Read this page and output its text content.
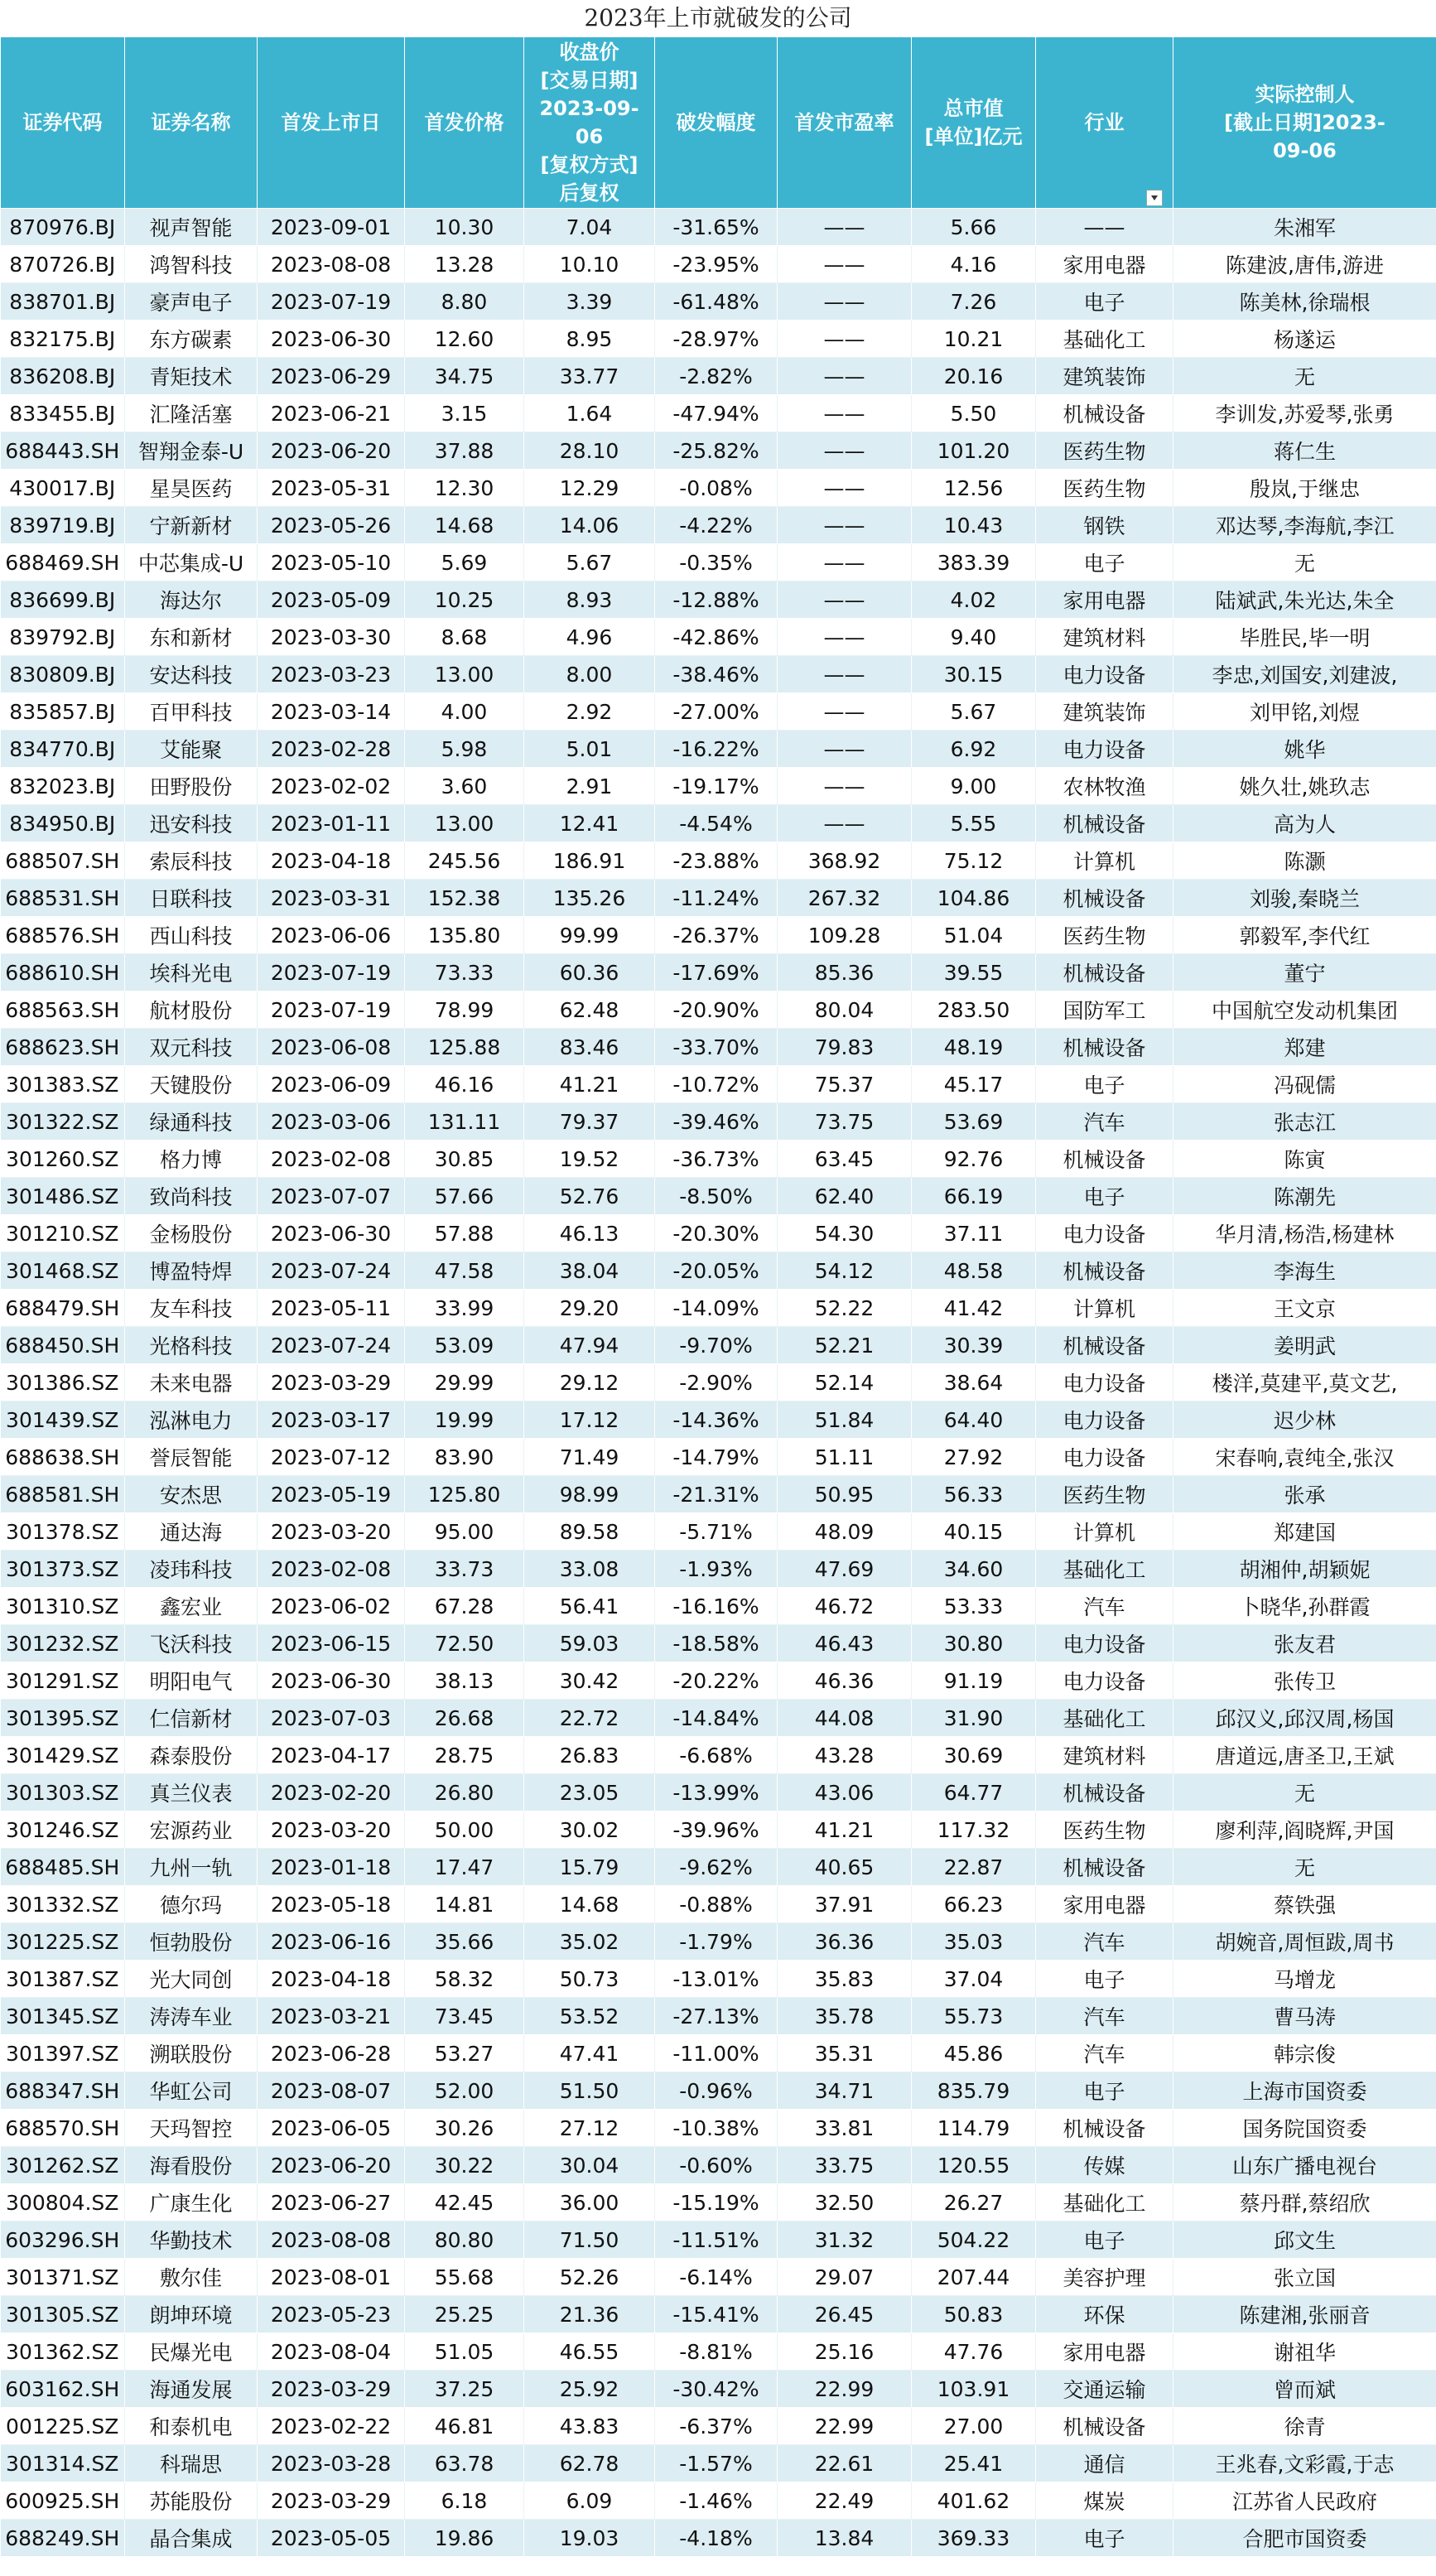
2023年上市就破发的公司
证券代码	证券名称	首发上市日	首发价格	收盘价
[交易日期]
2023-09-06
[复权方式]
后复权	破发幅度	首发市盈率	总市值
[单位]亿元	行业	实际控制人
[截止日期]2023-
09-06
870976.BJ	视声智能	2023-09-01	10.30	7.04	-31.65%	——	5.66	——	朱湘军
870726.BJ	鸿智科技	2023-08-08	13.28	10.10	-23.95%	——	4.16	家用电器	陈建波,唐伟,游进
838701.BJ	豪声电子	2023-07-19	8.80	3.39	-61.48%	——	7.26	电子	陈美林,徐瑞根
832175.BJ	东方碳素	2023-06-30	12.60	8.95	-28.97%	——	10.21	基础化工	杨遂运
836208.BJ	青矩技术	2023-06-29	34.75	33.77	-2.82%	——	20.16	建筑装饰	无
833455.BJ	汇隆活塞	2023-06-21	3.15	1.64	-47.94%	——	5.50	机械设备	李训发,苏爱琴,张勇
688443.SH	智翔金泰-U	2023-06-20	37.88	28.10	-25.82%	——	101.20	医药生物	蒋仁生
430017.BJ	星昊医药	2023-05-31	12.30	12.29	-0.08%	——	12.56	医药生物	殷岚,于继忠
839719.BJ	宁新新材	2023-05-26	14.68	14.06	-4.22%	——	10.43	钢铁	邓达琴,李海航,李江
688469.SH	中芯集成-U	2023-05-10	5.69	5.67	-0.35%	——	383.39	电子	无
836699.BJ	海达尔	2023-05-09	10.25	8.93	-12.88%	——	4.02	家用电器	陆斌武,朱光达,朱全
839792.BJ	东和新材	2023-03-30	8.68	4.96	-42.86%	——	9.40	建筑材料	毕胜民,毕一明
830809.BJ	安达科技	2023-03-23	13.00	8.00	-38.46%	——	30.15	电力设备	李忠,刘国安,刘建波,
835857.BJ	百甲科技	2023-03-14	4.00	2.92	-27.00%	——	5.67	建筑装饰	刘甲铭,刘煜
834770.BJ	艾能聚	2023-02-28	5.98	5.01	-16.22%	——	6.92	电力设备	姚华
832023.BJ	田野股份	2023-02-02	3.60	2.91	-19.17%	——	9.00	农林牧渔	姚久壮,姚玖志
834950.BJ	迅安科技	2023-01-11	13.00	12.41	-4.54%	——	5.55	机械设备	高为人
688507.SH	索辰科技	2023-04-18	245.56	186.91	-23.88%	368.92	75.12	计算机	陈灏
688531.SH	日联科技	2023-03-31	152.38	135.26	-11.24%	267.32	104.86	机械设备	刘骏,秦晓兰
688576.SH	西山科技	2023-06-06	135.80	99.99	-26.37%	109.28	51.04	医药生物	郭毅军,李代红
688610.SH	埃科光电	2023-07-19	73.33	60.36	-17.69%	85.36	39.55	机械设备	董宁
688563.SH	航材股份	2023-07-19	78.99	62.48	-20.90%	80.04	283.50	国防军工	中国航空发动机集团
688623.SH	双元科技	2023-06-08	125.88	83.46	-33.70%	79.83	48.19	机械设备	郑建
301383.SZ	天键股份	2023-06-09	46.16	41.21	-10.72%	75.37	45.17	电子	冯砚儒
301322.SZ	绿通科技	2023-03-06	131.11	79.37	-39.46%	73.75	53.69	汽车	张志江
301260.SZ	格力博	2023-02-08	30.85	19.52	-36.73%	63.45	92.76	机械设备	陈寅
301486.SZ	致尚科技	2023-07-07	57.66	52.76	-8.50%	62.40	66.19	电子	陈潮先
301210.SZ	金杨股份	2023-06-30	57.88	46.13	-20.30%	54.30	37.11	电力设备	华月清,杨浩,杨建林
301468.SZ	博盈特焊	2023-07-24	47.58	38.04	-20.05%	54.12	48.58	机械设备	李海生
688479.SH	友车科技	2023-05-11	33.99	29.20	-14.09%	52.22	41.42	计算机	王文京
688450.SH	光格科技	2023-07-24	53.09	47.94	-9.70%	52.21	30.39	机械设备	姜明武
301386.SZ	未来电器	2023-03-29	29.99	29.12	-2.90%	52.14	38.64	电力设备	楼洋,莫建平,莫文艺,
301439.SZ	泓淋电力	2023-03-17	19.99	17.12	-14.36%	51.84	64.40	电力设备	迟少林
688638.SH	誉辰智能	2023-07-12	83.90	71.49	-14.79%	51.11	27.92	电力设备	宋春响,袁纯全,张汉
688581.SH	安杰思	2023-05-19	125.80	98.99	-21.31%	50.95	56.33	医药生物	张承
301378.SZ	通达海	2023-03-20	95.00	89.58	-5.71%	48.09	40.15	计算机	郑建国
301373.SZ	凌玮科技	2023-02-08	33.73	33.08	-1.93%	47.69	34.60	基础化工	胡湘仲,胡颖妮
301310.SZ	鑫宏业	2023-06-02	67.28	56.41	-16.16%	46.72	53.33	汽车	卜晓华,孙群霞
301232.SZ	飞沃科技	2023-06-15	72.50	59.03	-18.58%	46.43	30.80	电力设备	张友君
301291.SZ	明阳电气	2023-06-30	38.13	30.42	-20.22%	46.36	91.19	电力设备	张传卫
301395.SZ	仁信新材	2023-07-03	26.68	22.72	-14.84%	44.08	31.90	基础化工	邱汉义,邱汉周,杨国
301429.SZ	森泰股份	2023-04-17	28.75	26.83	-6.68%	43.28	30.69	建筑材料	唐道远,唐圣卫,王斌
301303.SZ	真兰仪表	2023-02-20	26.80	23.05	-13.99%	43.06	64.77	机械设备	无
301246.SZ	宏源药业	2023-03-20	50.00	30.02	-39.96%	41.21	117.32	医药生物	廖利萍,阎晓辉,尹国
688485.SH	九州一轨	2023-01-18	17.47	15.79	-9.62%	40.65	22.87	机械设备	无
301332.SZ	德尔玛	2023-05-18	14.81	14.68	-0.88%	37.91	66.23	家用电器	蔡铁强
301225.SZ	恒勃股份	2023-06-16	35.66	35.02	-1.79%	36.36	35.03	汽车	胡婉音,周恒跋,周书
301387.SZ	光大同创	2023-04-18	58.32	50.73	-13.01%	35.83	37.04	电子	马增龙
301345.SZ	涛涛车业	2023-03-21	73.45	53.52	-27.13%	35.78	55.73	汽车	曹马涛
301397.SZ	溯联股份	2023-06-28	53.27	47.41	-11.00%	35.31	45.86	汽车	韩宗俊
688347.SH	华虹公司	2023-08-07	52.00	51.50	-0.96%	34.71	835.79	电子	上海市国资委
688570.SH	天玛智控	2023-06-05	30.26	27.12	-10.38%	33.81	114.79	机械设备	国务院国资委
301262.SZ	海看股份	2023-06-20	30.22	30.04	-0.60%	33.75	120.55	传媒	山东广播电视台
300804.SZ	广康生化	2023-06-27	42.45	36.00	-15.19%	32.50	26.27	基础化工	蔡丹群,蔡绍欣
603296.SH	华勤技术	2023-08-08	80.80	71.50	-11.51%	31.32	504.22	电子	邱文生
301371.SZ	敷尔佳	2023-08-01	55.68	52.26	-6.14%	29.07	207.44	美容护理	张立国
301305.SZ	朗坤环境	2023-05-23	25.25	21.36	-15.41%	26.45	50.83	环保	陈建湘,张丽音
301362.SZ	民爆光电	2023-08-04	51.05	46.55	-8.81%	25.16	47.76	家用电器	谢祖华
603162.SH	海通发展	2023-03-29	37.25	25.92	-30.42%	22.99	103.91	交通运输	曾而斌
001225.SZ	和泰机电	2023-02-22	46.81	43.83	-6.37%	22.99	27.00	机械设备	徐青
301314.SZ	科瑞思	2023-03-28	63.78	62.78	-1.57%	22.61	25.41	通信	王兆春,文彩霞,于志
600925.SH	苏能股份	2023-03-29	6.18	6.09	-1.46%	22.49	401.62	煤炭	江苏省人民政府
688249.SH	晶合集成	2023-05-05	19.86	19.03	-4.18%	13.84	369.33	电子	合肥市国资委
